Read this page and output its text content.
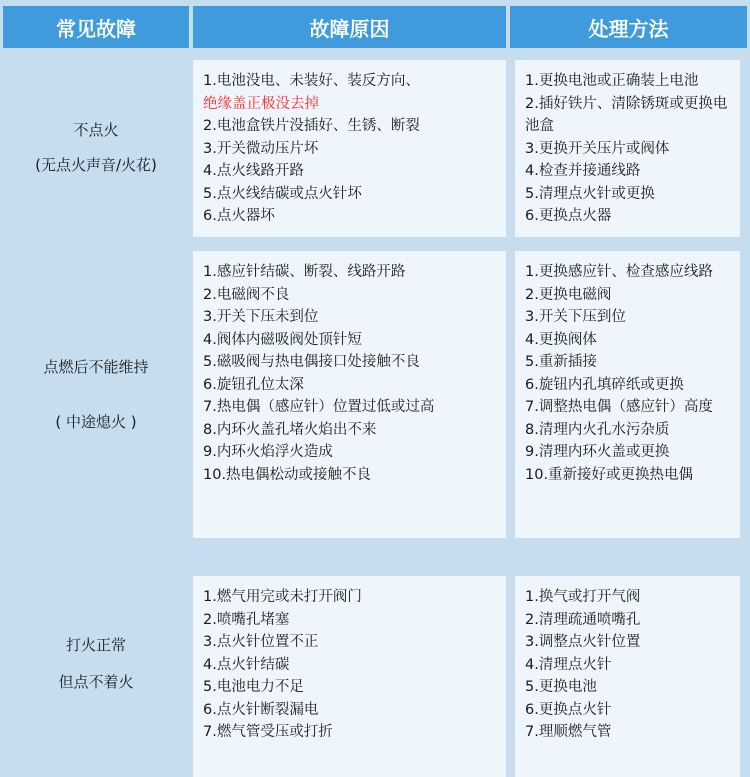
常见故障	故障原因	处理方法
不点火
(无点火声音/火花)
1.电池没电、未装好、装反方向、
绝缘盖正极没去掉
2.电池盒铁片没插好、生锈、断裂
3.开关微动压片坏
4.点火线路开路
5.点火线结碳或点火针坏
6.点火器坏
1.更换电池或正确装上电池
2.插好铁片、清除锈斑或更换电池盒
3.更换开关压片或阀体
4.检查并接通线路
5.清理点火针或更换
6.更换点火器
点燃后不能维持
( 中途熄火 )
1.感应针结碳、断裂、线路开路
2.电磁阀不良
3.开关下压未到位
4.阀体内磁吸阀处顶针短
5.磁吸阀与热电偶接口处接触不良
6.旋钮孔位太深
7.热电偶（感应针）位置过低或过高
8.内环火盖孔堵火焰出不来
9.内环火焰浮火造成
10.热电偶松动或接触不良
1.更换感应针、检查感应线路
2.更换电磁阀
3.开关下压到位
4.更换阀体
5.重新插接
6.旋钮内孔填碎纸或更换
7.调整热电偶（感应针）高度
8.清理内火孔水污杂质
9.清理内环火盖或更换
10.重新接好或更换热电偶
打火正常
但点不着火
1.燃气用完或未打开阀门
2.喷嘴孔堵塞
3.点火针位置不正
4.点火针结碳
5.电池电力不足
6.点火针断裂漏电
7.燃气管受压或打折
1.换气或打开气阀
2.清理疏通喷嘴孔
3.调整点火针位置
4.清理点火针
5.更换电池
6.更换点火针
7.理顺燃气管
